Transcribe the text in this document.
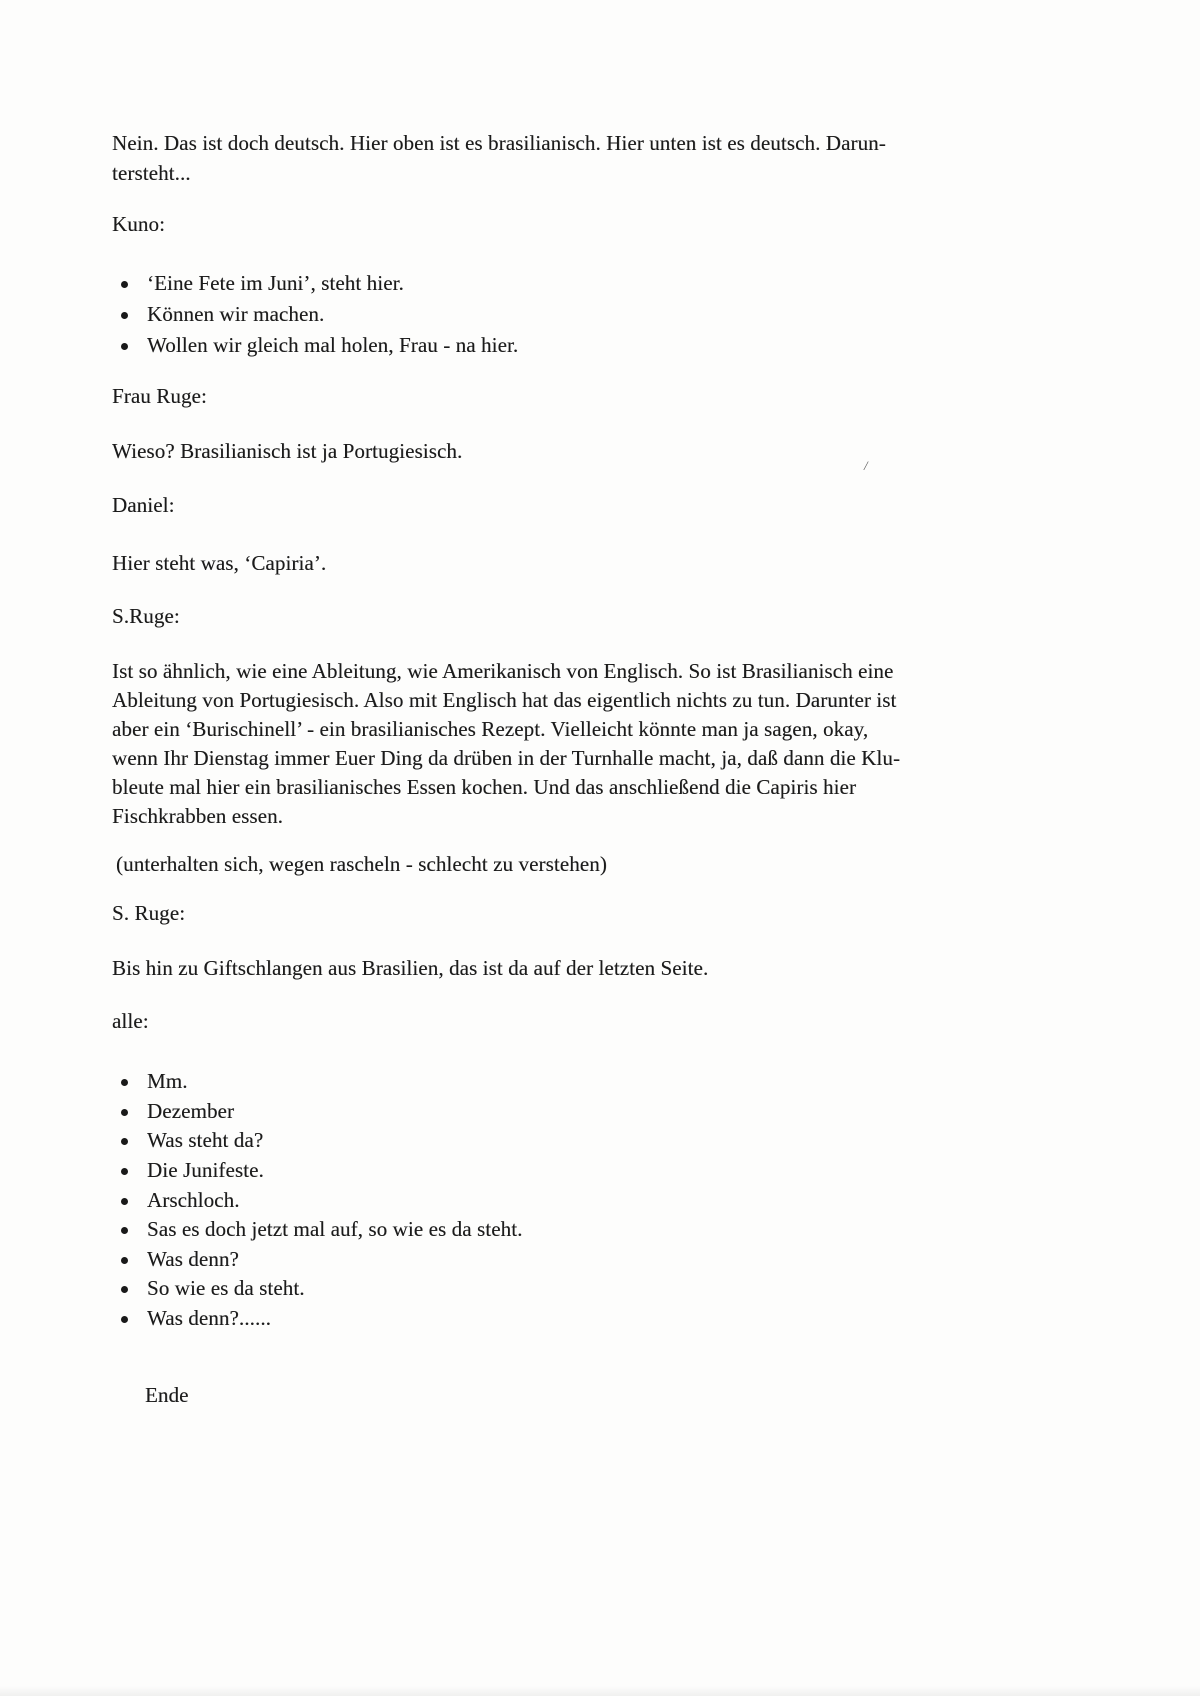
/
Nein. Das ist doch deutsch. Hier oben ist es brasilianisch. Hier unten ist es deutsch. Darun-
tersteht...
Kuno:
‘Eine Fete im Juni’, steht hier.
Können wir machen.
Wollen wir gleich mal holen, Frau - na hier.
Frau Ruge:
Wieso? Brasilianisch ist ja Portugiesisch.
Daniel:
Hier steht was, ‘Capiria’.
S.Ruge:
Ist so ähnlich, wie eine Ableitung, wie Amerikanisch von Englisch. So ist Brasilianisch eine
Ableitung von Portugiesisch. Also mit Englisch hat das eigentlich nichts zu tun. Darunter ist
aber ein ‘Burischinell’ - ein brasilianisches Rezept. Vielleicht könnte man ja sagen, okay,
wenn Ihr Dienstag immer Euer Ding da drüben in der Turnhalle macht, ja, daß dann die Klu-
bleute mal hier ein brasilianisches Essen kochen. Und das anschließend die Capiris hier
Fischkrabben essen.
(unterhalten sich, wegen rascheln - schlecht zu verstehen)
S. Ruge:
Bis hin zu Giftschlangen aus Brasilien, das ist da auf der letzten Seite.
alle:
Mm.
Dezember
Was steht da?
Die Junifeste.
Arschloch.
Sas es doch jetzt mal auf, so wie es da steht.
Was denn?
So wie es da steht.
Was denn?......
Ende
